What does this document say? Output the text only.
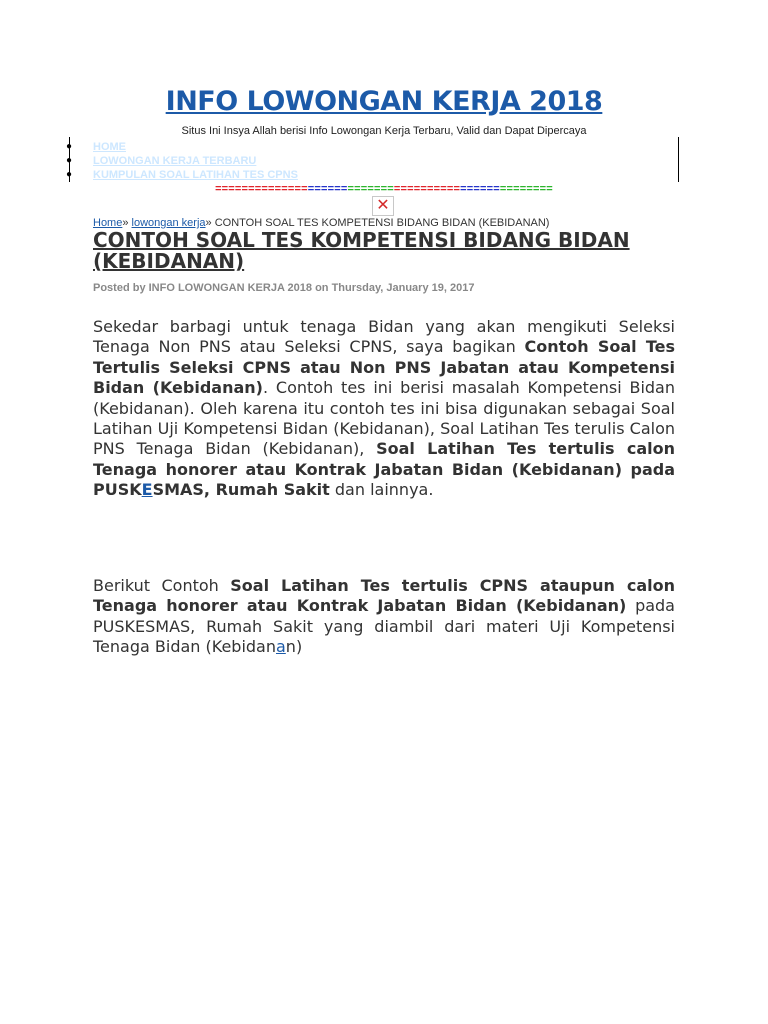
INFO LOWONGAN KERJA 2018
Situs Ini Insya Allah berisi Info Lowongan Kerja Terbaru, Valid dan Dapat Dipercaya
● HOME
● LOWONGAN KERJA TERBARU
● KUMPULAN SOAL LATIHAN TES CPNS
===================================================
✕
Home» lowongan kerja» CONTOH SOAL TES KOMPETENSI BIDANG BIDAN (KEBIDANAN)
CONTOH SOAL TES KOMPETENSI BIDANG BIDAN (KEBIDANAN)
Posted by INFO LOWONGAN KERJA 2018 on Thursday, January 19, 2017

Sekedar barbagi untuk tenaga Bidan yang akan mengikuti Seleksi Tenaga Non PNS atau Seleksi CPNS, saya bagikan Contoh Soal Tes Tertulis Seleksi CPNS atau Non PNS Jabatan atau Kompetensi Bidan (Kebidanan). Contoh tes ini berisi masalah Kompetensi Bidan (Kebidanan). Oleh karena itu contoh tes ini bisa digunakan sebagai Soal Latihan Uji Kompetensi Bidan (Kebidanan), Soal Latihan Tes terulis Calon PNS Tenaga Bidan (Kebidanan), Soal Latihan Tes tertulis calon Tenaga honorer atau Kontrak Jabatan Bidan (Kebidanan) pada PUSKESMAS, Rumah Sakit dan lainnya.

Berikut Contoh Soal Latihan Tes tertulis CPNS ataupun calon Tenaga honorer atau Kontrak Jabatan Bidan (Kebidanan) pada PUSKESMAS, Rumah Sakit yang diambil dari materi Uji Kompetensi Tenaga Bidan (Kebidanan)
